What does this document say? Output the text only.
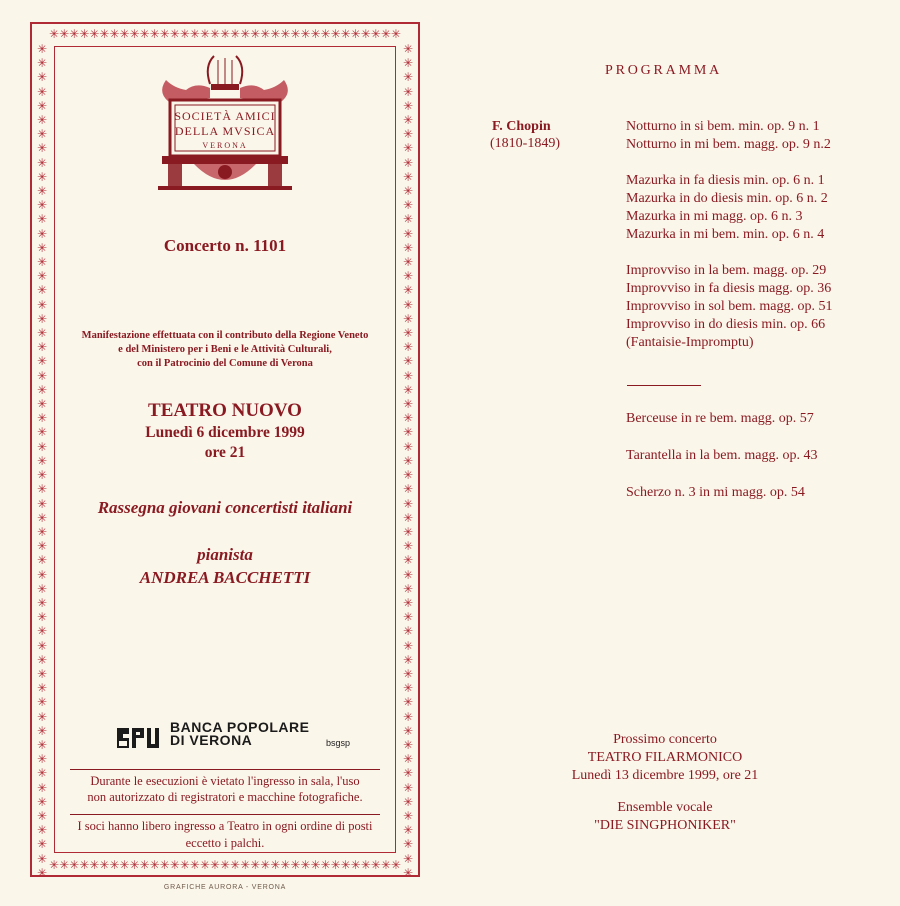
✳✳✳✳✳✳✳✳✳✳✳✳✳✳✳✳✳✳✳✳✳✳✳✳✳✳✳✳✳✳✳✳✳✳✳
✳✳✳✳✳✳✳✳✳✳✳✳✳✳✳✳✳✳✳✳✳✳✳✳✳✳✳✳✳✳✳✳✳✳✳
✳✳✳✳✳✳✳✳✳✳✳✳✳✳✳✳✳✳✳✳✳✳✳✳✳✳✳✳✳✳✳✳✳✳✳✳✳✳✳✳✳✳✳✳✳✳✳✳✳✳✳✳✳✳✳✳✳✳✳
✳✳✳✳✳✳✳✳✳✳✳✳✳✳✳✳✳✳✳✳✳✳✳✳✳✳✳✳✳✳✳✳✳✳✳✳✳✳✳✳✳✳✳✳✳✳✳✳✳✳✳✳✳✳✳✳✳✳✳
SOCIETÀ AMICI
DELLA MVSICA
VERONA
Concerto n. 1101
Manifestazione effettuata con il contributo della Regione Veneto
e del Ministero per i Beni e le Attività Culturali,
con il Patrocinio del Comune di Verona
TEATRO NUOVO
Lunedì 6 dicembre 1999
ore 21
Rassegna giovani concertisti italiani
pianista
ANDREA BACCHETTI
BANCA POPOLARE
DI VERONA	bsgsp
Durante le esecuzioni è vietato l'ingresso in sala, l'uso
non autorizzato di registratori e macchine fotografiche.
I soci hanno libero ingresso a Teatro in ogni ordine di posti
eccetto i palchi.
GRAFICHE AURORA - VERONA
PROGRAMMA
F. Chopin
(1810-1849)
Notturno in si bem. min. op. 9 n. 1
Notturno in mi bem. magg. op. 9 n.2
Mazurka in fa diesis min. op. 6 n. 1
Mazurka in do diesis min. op. 6 n. 2
Mazurka in mi magg. op. 6 n. 3
Mazurka in mi bem. min. op. 6 n. 4
Improvviso in la bem. magg. op. 29
Improvviso in fa diesis magg. op. 36
Improvviso in sol bem. magg. op. 51
Improvviso in do diesis min. op. 66
(Fantaisie-Impromptu)
Berceuse in re bem. magg. op. 57
Tarantella in la bem. magg. op. 43
Scherzo n. 3 in mi magg. op. 54
Prossimo concerto
TEATRO FILARMONICO
Lunedì 13 dicembre 1999, ore 21
Ensemble vocale
"DIE SINGPHONIKER"
